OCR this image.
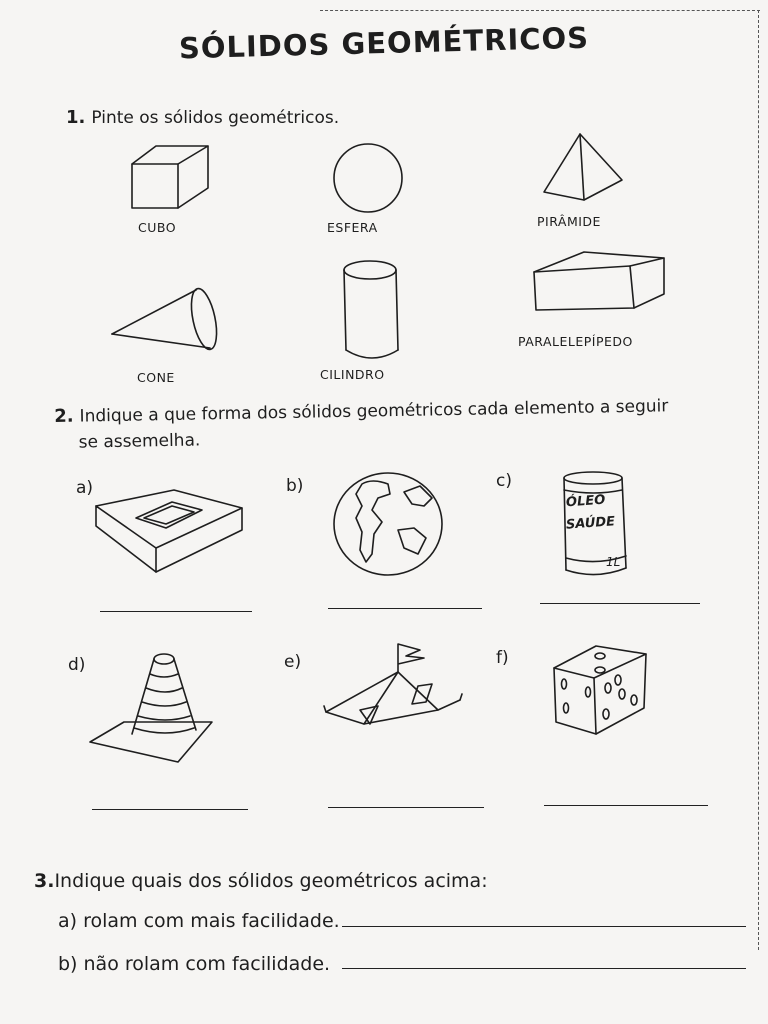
SÓLIDOS GEOMÉTRICOS
1. Pinte os sólidos geométricos.
CUBO	ESFERA	PIRÂMIDE
CONE	CILINDRO
PARALELEPÍPEDO
2. Indique a que forma dos sólidos geométricos cada elemento a seguir
se assemelha.
a)	b)	c)
ÓLEO
SAÚDE
1L
d)	e)	f)
3.Indique quais dos sólidos geométricos acima:
a) rolam com mais facilidade.
b) não rolam com facilidade.
